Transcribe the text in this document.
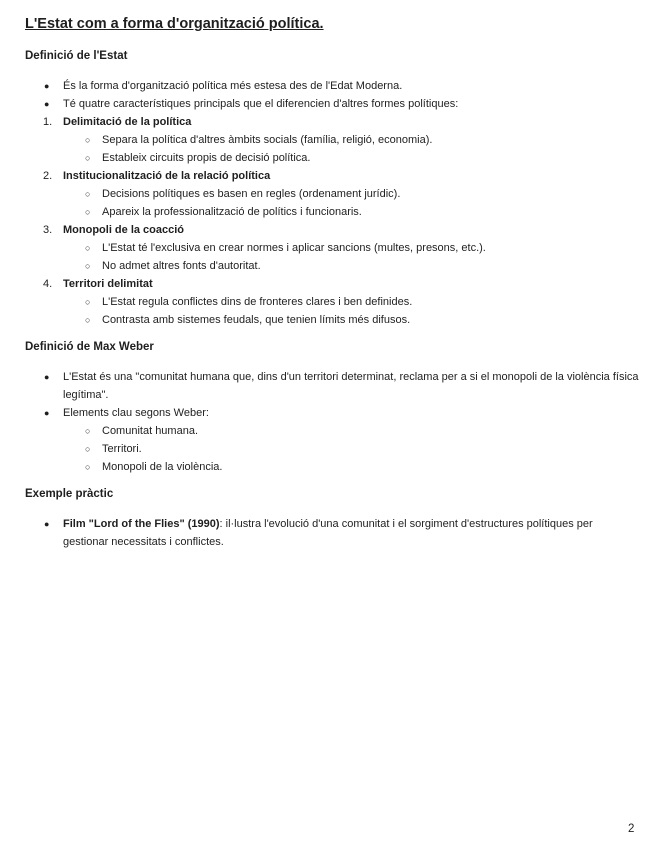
L'Estat com a forma d'organització política.
Definició de l'Estat
● És la forma d'organització política més estesa des de l'Edat Moderna.
● Té quatre característiques principals que el diferencien d'altres formes polítiques:
1. Delimitació de la política
○ Separa la política d'altres àmbits socials (família, religió, economia).
○ Estableix circuits propis de decisió política.
2. Institucionalització de la relació política
○ Decisions polítiques es basen en regles (ordenament jurídic).
○ Apareix la professionalització de polítics i funcionaris.
3. Monopoli de la coacció
○ L'Estat té l'exclusiva en crear normes i aplicar sancions (multes, presons, etc.).
○ No admet altres fonts d'autoritat.
4. Territori delimitat
○ L'Estat regula conflictes dins de fronteres clares i ben definides.
○ Contrasta amb sistemes feudals, que tenien límits més difusos.
Definició de Max Weber
● L'Estat és una "comunitat humana que, dins d'un territori determinat, reclama per a si el monopoli de la violència física legítima".
● Elements clau segons Weber:
○ Comunitat humana.
○ Territori.
○ Monopoli de la violència.
Exemple pràctic
● Film "Lord of the Flies" (1990): il·lustra l'evolució d'una comunitat i el sorgiment d'estructures polítiques per gestionar necessitats i conflictes.
2
